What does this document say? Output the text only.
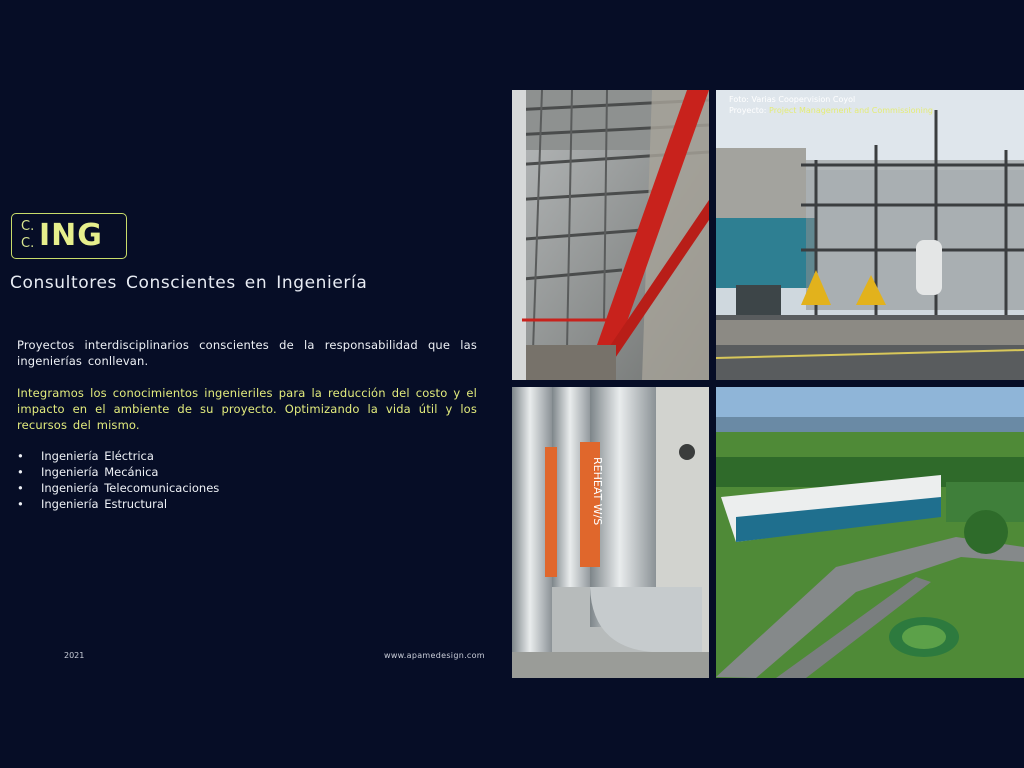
C.
C. ING
Consultores Conscientes en Ingeniería
Proyectos interdisciplinarios conscientes de la responsabilidad que las ingenierías conllevan.
Integramos los conocimientos ingenieriles para la reducción del costo y el impacto en el ambiente de su proyecto. Optimizando la vida útil y los recursos del mismo.
• Ingeniería Eléctrica
• Ingeniería Mecánica
• Ingeniería Telecomunicaciones
• Ingeniería Estructural
2021	www.apamedesign.com
Foto: Varias Coopervision Coyol
Proyecto: Project Management and Commissioning
REHEAT W/S
